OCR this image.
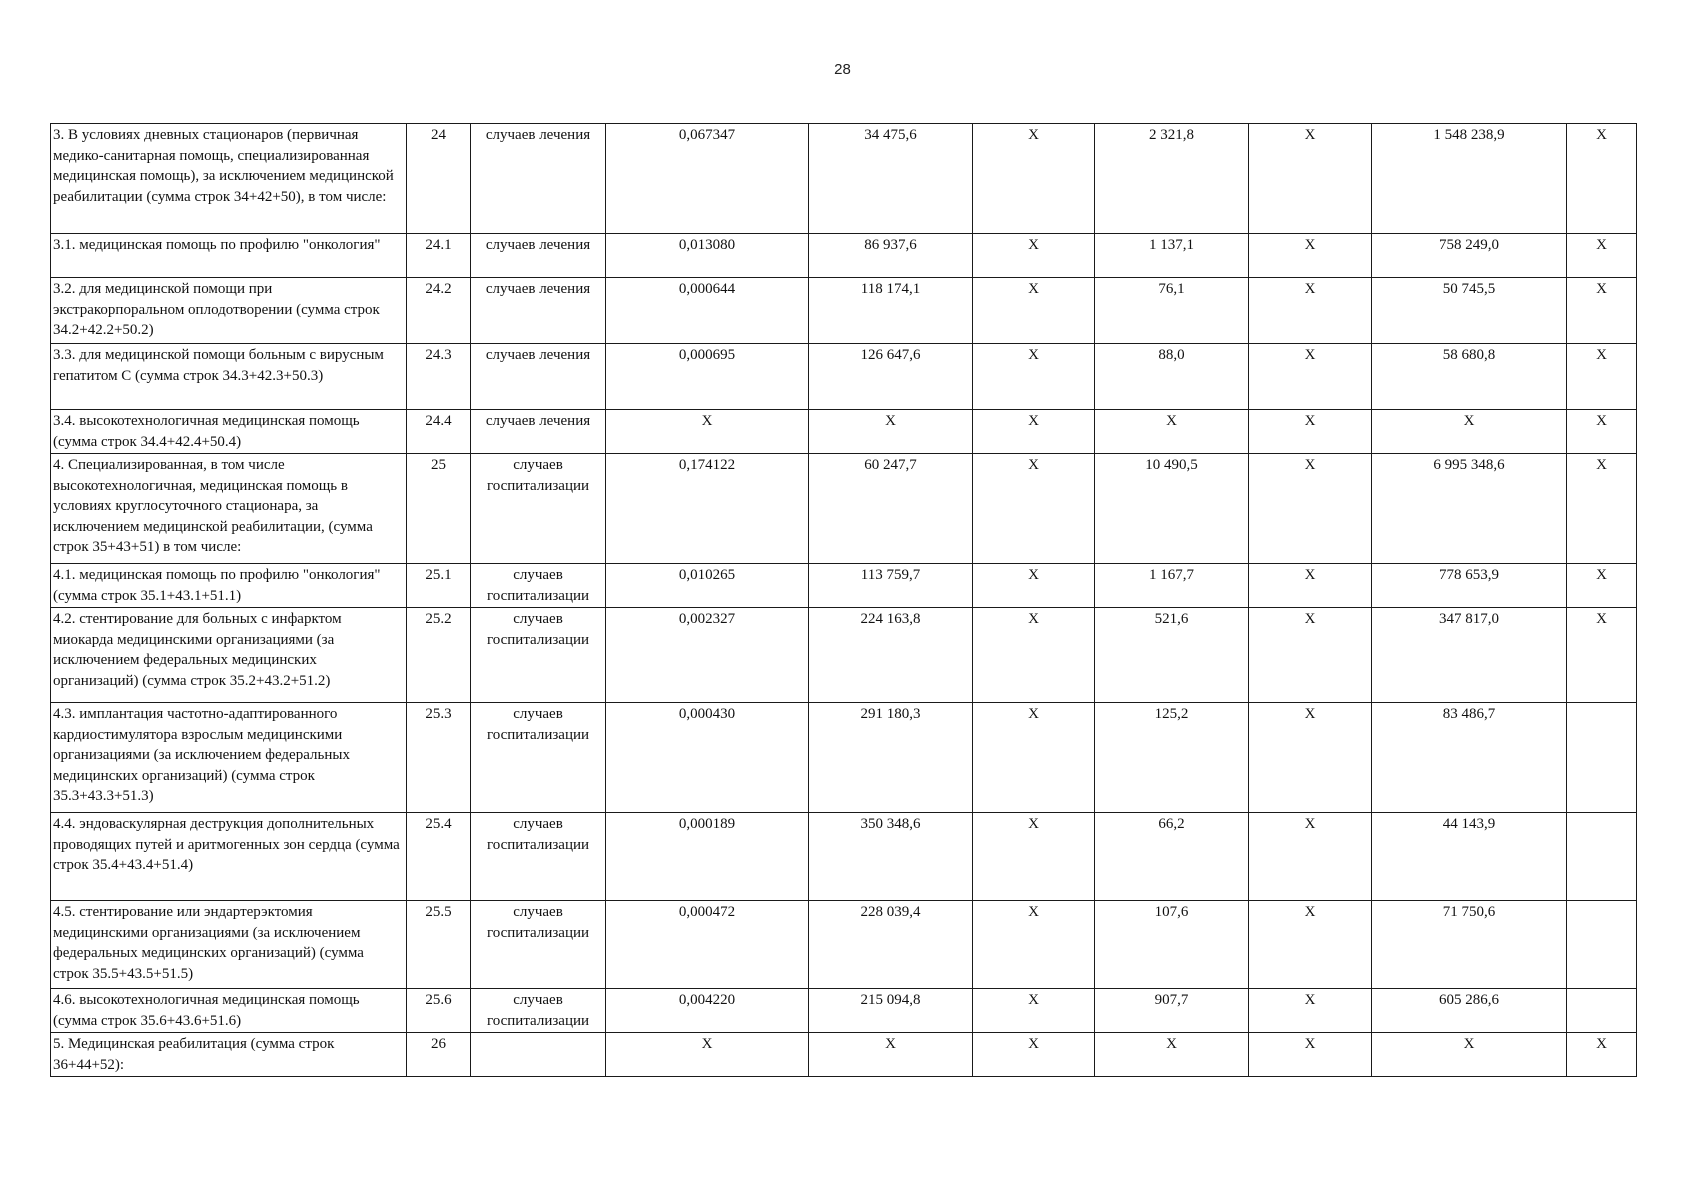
28
3. В условиях дневных стационаров (первичная медико-санитарная помощь, специализированная медицинская помощь), за исключением медицинской реабилитации (сумма строк 34+42+50), в том числе:	24	случаев лечения	0,067347	34 475,6	Х	2 321,8	Х	1 548 238,9	Х
3.1. медицинская помощь по профилю "онкология"	24.1	случаев лечения	0,013080	86 937,6	Х	1 137,1	Х	758 249,0	Х
3.2. для медицинской помощи при экстракорпоральном оплодотворении (сумма строк 34.2+42.2+50.2)	24.2	случаев лечения	0,000644	118 174,1	Х	76,1	Х	50 745,5	Х
3.3. для медицинской помощи больным с вирусным гепатитом С (сумма строк 34.3+42.3+50.3)	24.3	случаев лечения	0,000695	126 647,6	Х	88,0	Х	58 680,8	Х
3.4. высокотехнологичная медицинская помощь (сумма строк 34.4+42.4+50.4)	24.4	случаев лечения	Х	Х	Х	Х	Х	Х	Х
4. Специализированная, в том числе высокотехнологичная, медицинская помощь в условиях круглосуточного стационара, за исключением медицинской реабилитации, (сумма строк 35+43+51) в том числе:	25	случаев госпитализации	0,174122	60 247,7	Х	10 490,5	Х	6 995 348,6	Х
4.1. медицинская помощь по профилю "онкология" (сумма строк 35.1+43.1+51.1)	25.1	случаев госпитализации	0,010265	113 759,7	Х	1 167,7	Х	778 653,9	Х
4.2. стентирование для больных с инфарктом миокарда медицинскими организациями (за исключением федеральных медицинских организаций) (сумма строк 35.2+43.2+51.2)	25.2	случаев госпитализации	0,002327	224 163,8	Х	521,6	Х	347 817,0	Х
4.3. имплантация частотно-адаптированного кардиостимулятора взрослым медицинскими организациями (за исключением федеральных медицинских организаций) (сумма строк 35.3+43.3+51.3)	25.3	случаев госпитализации	0,000430	291 180,3	Х	125,2	Х	83 486,7	
4.4. эндоваскулярная деструкция дополнительных проводящих путей и аритмогенных зон сердца (сумма строк 35.4+43.4+51.4)	25.4	случаев госпитализации	0,000189	350 348,6	Х	66,2	Х	44 143,9	
4.5. стентирование или эндартерэктомия медицинскими организациями (за исключением федеральных медицинских организаций) (сумма строк 35.5+43.5+51.5)	25.5	случаев госпитализации	0,000472	228 039,4	Х	107,6	Х	71 750,6	
4.6. высокотехнологичная медицинская помощь (сумма строк 35.6+43.6+51.6)	25.6	случаев госпитализации	0,004220	215 094,8	Х	907,7	Х	605 286,6	
5. Медицинская реабилитация (сумма строк 36+44+52):	26		Х	Х	Х	Х	Х	Х	Х
